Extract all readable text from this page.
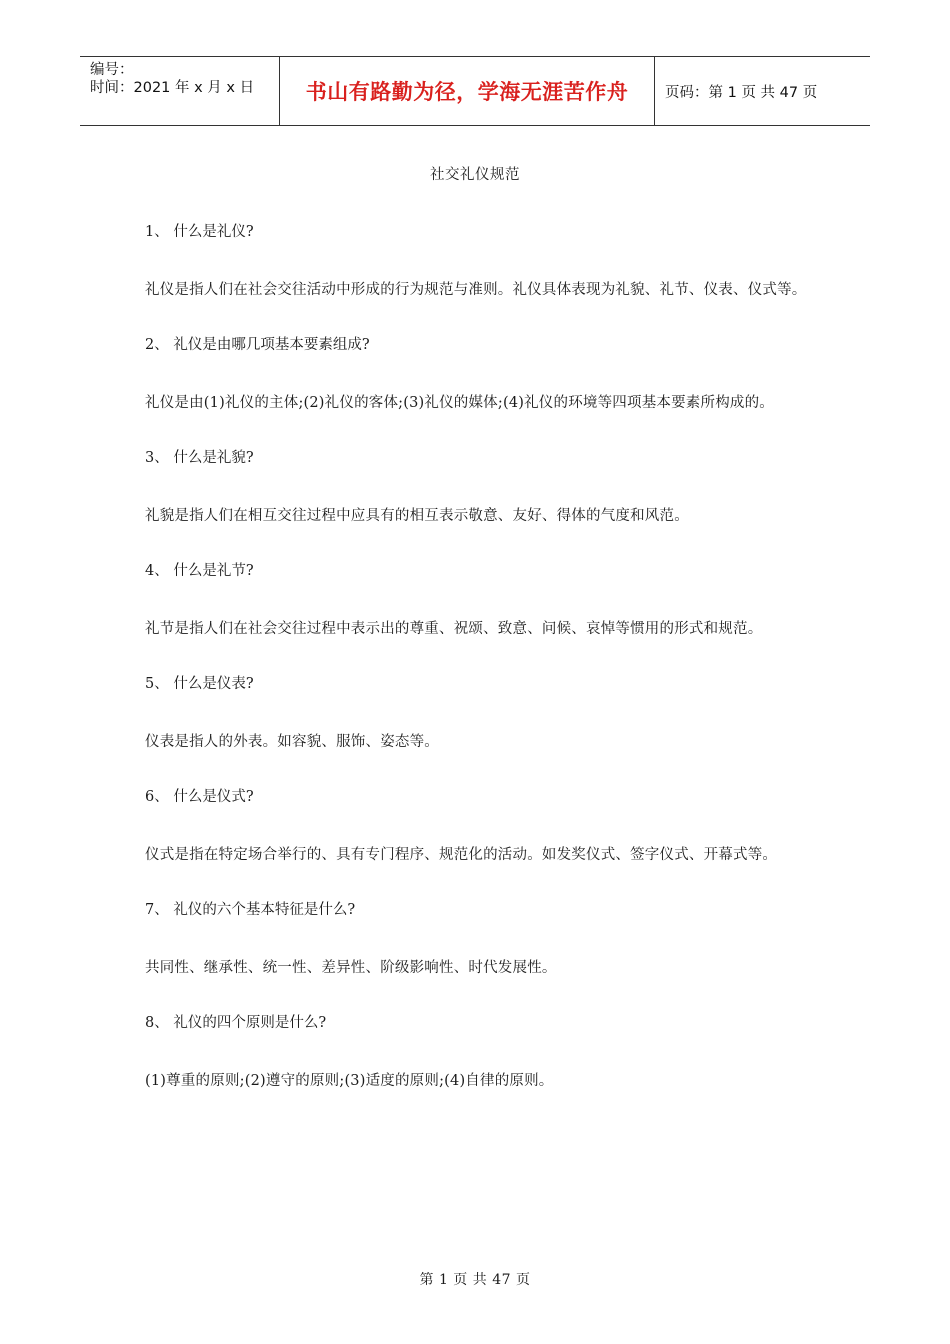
编号：
时间：2021 年 x 月 x 日	书山有路勤为径，学海无涯苦作舟	页码：第 1 页 共 47 页
社交礼仪规范

1、 什么是礼仪?

礼仪是指人们在社会交往活动中形成的行为规范与准则。礼仪具体表现为礼貌、礼节、仪表、仪式等。

2、 礼仪是由哪几项基本要素组成?

礼仪是由(1)礼仪的主体;(2)礼仪的客体;(3)礼仪的媒体;(4)礼仪的环境等四项基本要素所构成的。

3、 什么是礼貌?

礼貌是指人们在相互交往过程中应具有的相互表示敬意、友好、得体的气度和风范。

4、 什么是礼节?

礼节是指人们在社会交往过程中表示出的尊重、祝颂、致意、问候、哀悼等惯用的形式和规范。

5、 什么是仪表?

仪表是指人的外表。如容貌、服饰、姿态等。

6、 什么是仪式?

仪式是指在特定场合举行的、具有专门程序、规范化的活动。如发奖仪式、签字仪式、开幕式等。

7、 礼仪的六个基本特征是什么?

共同性、继承性、统一性、差异性、阶级影响性、时代发展性。

8、 礼仪的四个原则是什么?

(1)尊重的原则;(2)遵守的原则;(3)适度的原则;(4)自律的原则。

第 1 页 共 47 页
